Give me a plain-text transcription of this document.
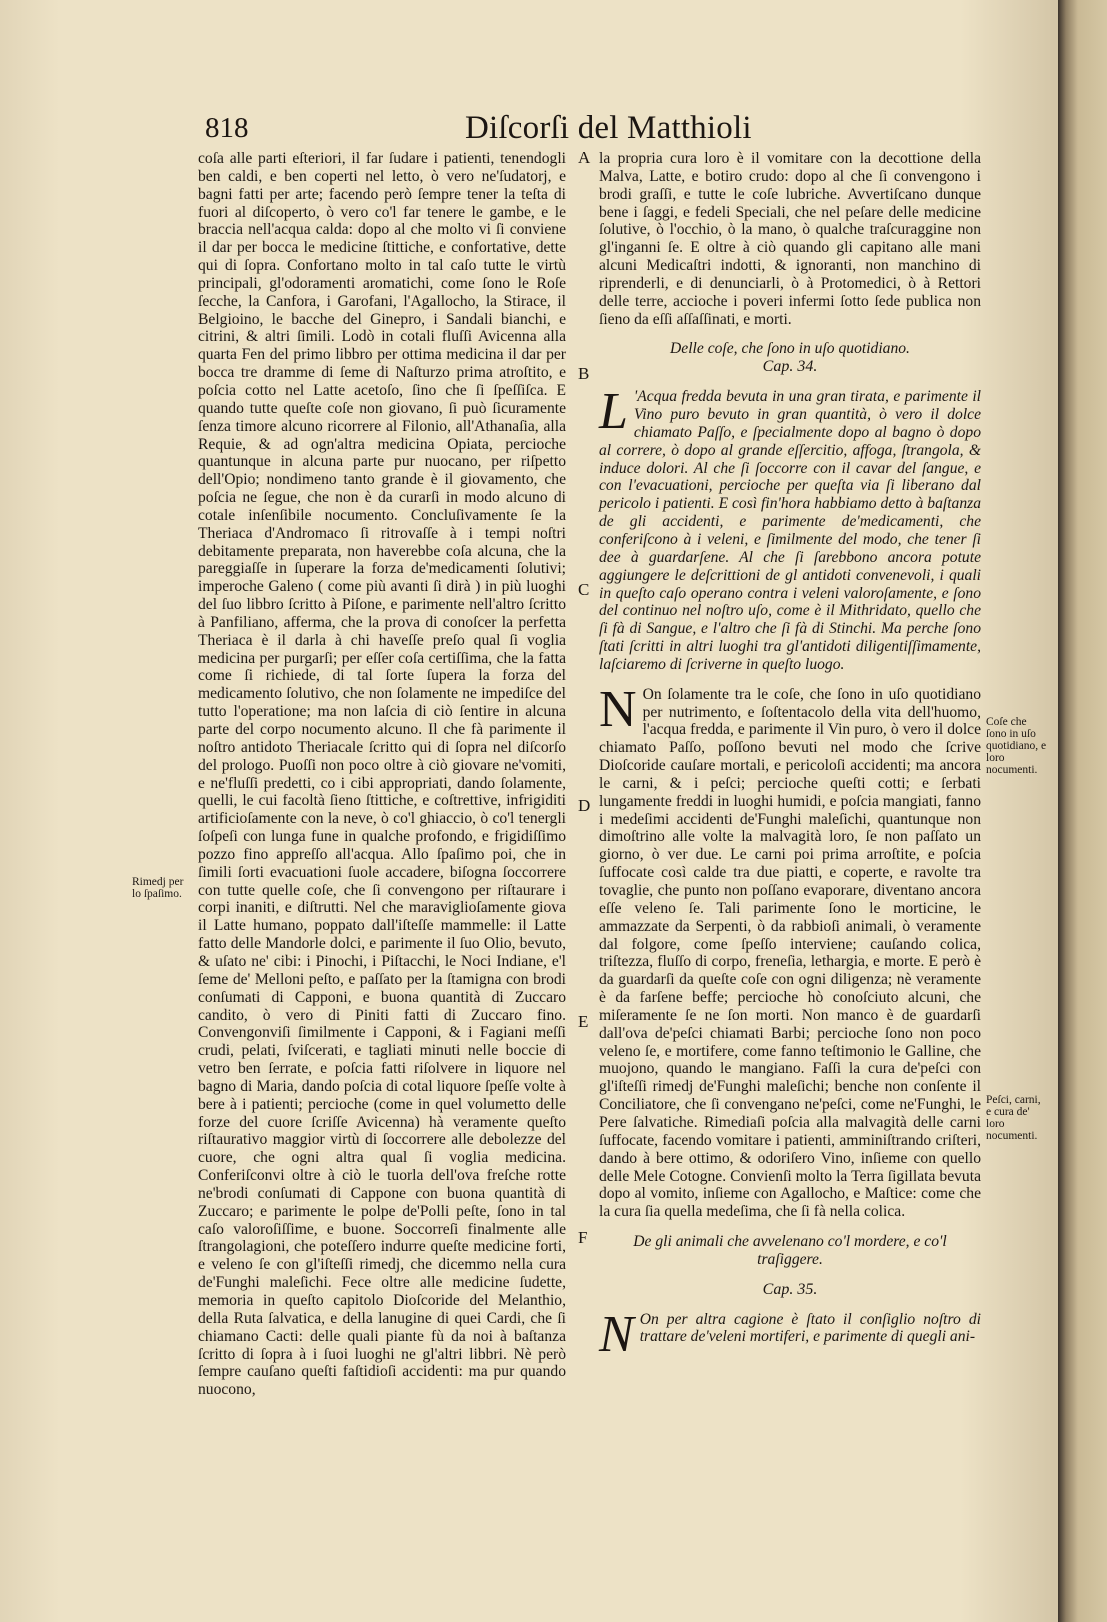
818	Diſcorſi del Matthioli

coſa alle parti eſteriori, il far ſudare i patienti, tenendogli ben caldi, e ben coperti nel letto, ò vero ne'ſudatorj, e bagni fatti per arte; facendo però ſempre tener la teſta di fuori al diſcoperto, ò vero co'l far tenere le gambe, e le braccia nell'acqua calda: dopo al che molto vi ſi conviene il dar per bocca le medicine ſtittiche, e confortative, dette qui di ſopra. Confortano molto in tal caſo tutte le virtù principali, gl'odoramenti aromatichi, come ſono le Roſe ſecche, la Canfora, i Garofani, l'Agallocho, la Stirace, il Belgioino, le bacche del Ginepro, i Sandali bianchi, e citrini, & altri ſimili. Lodò in cotali fluſſi Avicenna alla quarta Fen del primo libbro per ottima medicina il dar per bocca tre dramme di ſeme di Naſturzo prima atroſtito, e poſcia cotto nel Latte acetoſo, ſino che ſi ſpeſſiſca. E quando tutte queſte coſe non giovano, ſi può ſicuramente ſenza timore alcuno ricorrere al Filonio, all'Athanaſia, alla Requie, & ad ogn'altra medicina Opiata, percioche quantunque in alcuna parte pur nuocano, per riſpetto dell'Opio; nondimeno tanto grande è il giovamento, che poſcia ne ſegue, che non è da curarſi in modo alcuno di cotale inſenſibile nocumento. Concluſivamente ſe la Theriaca d'Andromaco ſi ritrovaſſe à i tempi noſtri debitamente preparata, non haverebbe coſa alcuna, che la pareggiaſſe in ſuperare la forza de'medicamenti ſolutivi; imperoche Galeno ( come più avanti ſi dirà ) in più luoghi del ſuo libbro ſcritto à Piſone, e parimente nell'altro ſcritto à Panfiliano, afferma, che la prova di conoſcer la perfetta Theriaca è il darla à chi haveſſe preſo qual ſi voglia medicina per purgarſi; per eſſer coſa certiſſima, che la fatta come ſi richiede, di tal ſorte ſupera la forza del medicamento ſolutivo, che non ſolamente ne impediſce del tutto l'operatione; ma non laſcia di ciò ſentire in alcuna parte del corpo nocumento alcuno. Il che fà parimente il noſtro antidoto Theriacale ſcritto qui di ſopra nel diſcorſo del prologo. Puoſſi non poco oltre à ciò giovare ne'vomiti, e ne'fluſſi predetti, co i cibi appropriati, dando ſolamente, quelli, le cui facoltà ſieno ſtittiche, e coſtrettive, infrigiditi artificioſamente con la neve, ò co'l ghiaccio, ò co'l tenergli ſoſpeſi con lunga fune in qualche profondo, e frigidiſſimo pozzo fino appreſſo all'acqua. Allo ſpaſimo poi, che in ſimili ſorti evacuationi ſuole accadere, biſogna ſoccorrere con tutte quelle coſe, che ſi convengono per riſtaurare i corpi inaniti, e diſtrutti. Nel che maraviglioſamente giova il Latte humano, poppato dall'iſteſſe mammelle: il Latte fatto delle Mandorle dolci, e parimente il ſuo Olio, bevuto, & uſato ne' cibi: i Pinochi, i Piſtacchi, le Noci Indiane, e'l ſeme de' Melloni peſto, e paſſato per la ſtamigna con brodi conſumati di Capponi, e buona quantità di Zuccaro candito, ò vero di Piniti fatti di Zuccaro fino. Convengonviſi ſimilmente i Capponi, & i Fagiani meſſi crudi, pelati, ſviſcerati, e tagliati minuti nelle boccie di vetro ben ſerrate, e poſcia fatti riſolvere in liquore nel bagno di Maria, dando poſcia di cotal liquore ſpeſſe volte à bere à i patienti; percioche (come in quel volumetto delle forze del cuore ſcriſſe Avicenna) hà veramente queſto riſtaurativo maggior virtù di ſoccorrere alle debolezze del cuore, che ogni altra qual ſi voglia medicina. Conferiſconvi oltre à ciò le tuorla dell'ova freſche rotte ne'brodi conſumati di Cappone con buona quantità di Zuccaro; e parimente le polpe de'Polli peſte, ſono in tal caſo valoroſiſſime, e buone. Soccorreſi finalmente alle ſtrangolagioni, che poteſſero indurre queſte medicine forti, e veleno ſe con gl'iſteſſi rimedj, che dicemmo nella cura de'Funghi maleſichi. Fece oltre alle medicine ſudette, memoria in queſto capitolo Dioſcoride del Melanthio, della Ruta ſalvatica, e della lanugine di quei Cardi, che ſi chiamano Cacti: delle quali piante fù da noi à baſtanza ſcritto di ſopra à i ſuoi luoghi ne gl'altri libbri. Nè però ſempre cauſano queſti faſtidioſi accidenti: ma pur quando nuocono,

la propria cura loro è il vomitare con la decottione della Malva, Latte, e botiro crudo: dopo al che ſi convengono i brodi graſſi, e tutte le coſe lubriche. Avvertiſcano dunque bene i ſaggi, e fedeli Speciali, che nel peſare delle medicine ſolutive, ò l'occhio, ò la mano, ò qualche traſcuraggine non gl'inganni ſe. E oltre à ciò quando gli capitano alle mani alcuni Medicaſtri indotti, & ignoranti, non manchino di riprenderli, e di denunciarli, ò à Protomedici, ò à Rettori delle terre, accioche i poveri infermi ſotto ſede publica non ſieno da eſſi aſſaſſinati, e morti.

Delle coſe, che ſono in uſo quotidiano.

Cap. 34.

L 'Acqua fredda bevuta in una gran tirata, e parimente il Vino puro bevuto in gran quantità, ò vero il dolce chiamato Paſſo, e ſpecialmente dopo al bagno ò dopo al correre, ò dopo al grande eſſercitio, affoga, ſtrangola, & induce dolori. Al che ſi ſoccorre con il cavar del ſangue, e con l'evacuationi, percioche per queſta via ſi liberano dal pericolo i patienti. E così fin'hora habbiamo detto à baſtanza de gli accidenti, e parimente de'medicamenti, che conferiſcono à i veleni, e ſimilmente del modo, che tener ſi dee à guardarſene. Al che ſi ſarebbono ancora potute aggiungere le deſcrittioni de gl antidoti convenevoli, i quali in queſto caſo operano contra i veleni valoroſamente, e ſono del continuo nel noſtro uſo, come è il Mithridato, quello che ſi fà di Sangue, e l'altro che ſi fà di Stinchi. Ma perche ſono ſtati ſcritti in altri luoghi tra gl'antidoti diligentiſſimamente, laſciaremo di ſcriverne in queſto luogo.

N On ſolamente tra le coſe, che ſono in uſo quotidiano per nutrimento, e ſoſtentacolo della vita dell'huomo, l'acqua fredda, e parimente il Vin puro, ò vero il dolce chiamato Paſſo, poſſono bevuti nel modo che ſcrive Dioſcoride cauſare mortali, e pericoloſi accidenti; ma ancora le carni, & i peſci; percioche queſti cotti; e ſerbati lungamente freddi in luoghi humidi, e poſcia mangiati, fanno i medeſimi accidenti de'Funghi maleſichi, quantunque non dimoſtrino alle volte la malvagità loro, ſe non paſſato un giorno, ò ver due. Le carni poi prima arroſtite, e poſcia ſuffocate così calde tra due piatti, e coperte, e ravolte tra tovaglie, che punto non poſſano evaporare, diventano ancora eſſe veleno ſe. Tali parimente ſono le morticine, le ammazzate da Serpenti, ò da rabbioſi animali, ò veramente dal folgore, come ſpeſſo interviene; cauſando colica, triſtezza, fluſſo di corpo, freneſia, lethargia, e morte. E però è da guardarſi da queſte coſe con ogni diligenza; nè veramente è da farſene beffe; percioche hò conoſciuto alcuni, che miſeramente ſe ne ſon morti. Non manco è de guardarſi dall'ova de'peſci chiamati Barbi; percioche ſono non poco veleno ſe, e mortifere, come fanno teſtimonio le Galline, che muojono, quando le mangiano. Faſſi la cura de'peſci con gl'iſteſſi rimedj de'Funghi maleſichi; benche non conſente il Conciliatore, che ſi convengano ne'peſci, come ne'Funghi, le Pere ſalvatiche. Rimediaſi poſcia alla malvagità delle carni ſuffocate, facendo vomitare i patienti, amminiſtrando criſteri, dando à bere ottimo, & odoriſero Vino, inſieme con quello delle Mele Cotogne. Convienſi molto la Terra ſigillata bevuta dopo al vomito, inſieme con Agallocho, e Maſtice: come che la cura ſia quella medeſima, che ſi fà nella colica.

De gli animali che avvelenano co'l mordere, e co'l traſiggere.

Cap. 35.

N On per altra cagione è ſtato il conſiglio noſtro di trattare de'veleni mortiferi, e parimente di quegli ani-

A
B
C
D
E
F
Rimedj per lo ſpaſimo.
Coſe che ſono in uſo quotidiano, e loro nocumenti.
Peſci, carni, e cura de' loro nocumenti.
